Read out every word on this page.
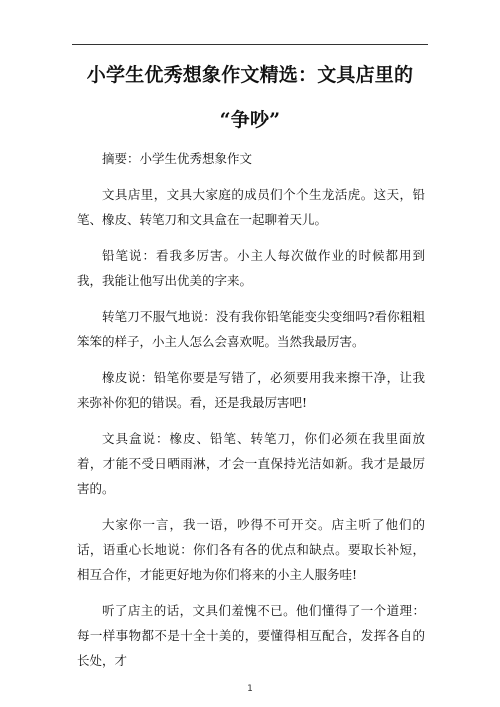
小学生优秀想象作文精选：文具店里的
“争吵”

摘要：小学生优秀想象作文

文具店里，文具大家庭的成员们个个生龙活虎。这天，铅笔、橡皮、转笔刀和文具盒在一起聊着天儿。

铅笔说：看我多厉害。小主人每次做作业的时候都用到我，我能让他写出优美的字来。

转笔刀不服气地说：没有我你铅笔能变尖变细吗?看你粗粗笨笨的样子，小主人怎么会喜欢呢。当然我最厉害。

橡皮说：铅笔你要是写错了，必须要用我来擦干净，让我来弥补你犯的错误。看，还是我最厉害吧!

文具盒说：橡皮、铅笔、转笔刀，你们必须在我里面放着，才能不受日晒雨淋，才会一直保持光洁如新。我才是最厉害的。

大家你一言，我一语，吵得不可开交。店主听了他们的话，语重心长地说：你们各有各的优点和缺点。要取长补短，相互合作，才能更好地为你们将来的小主人服务哇!

听了店主的话，文具们羞愧不已。他们懂得了一个道理：每一样事物都不是十全十美的，要懂得相互配合，发挥各自的长处，才

1
